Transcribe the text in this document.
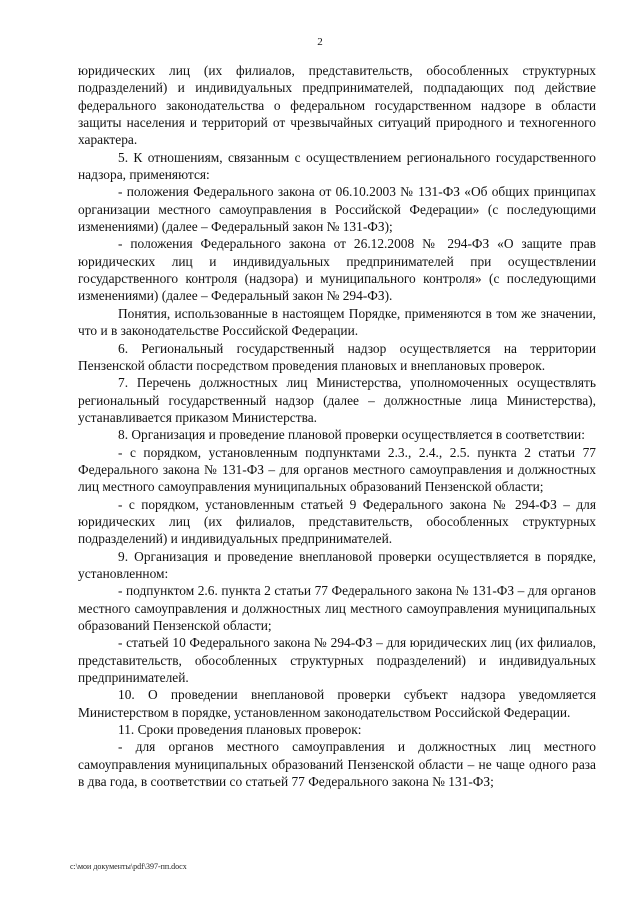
2

юридических лиц (их филиалов, представительств, обособленных структурных подразделений) и индивидуальных предпринимателей, подпадающих под действие федерального законодательства о федеральном государственном надзоре в области защиты населения и территорий от чрезвычайных ситуаций природного и техногенного характера.

5. К отношениям, связанным с осуществлением регионального государственного надзора, применяются:

- положения Федерального закона от 06.10.2003 № 131-ФЗ «Об общих принципах организации местного самоуправления в Российской Федерации» (с последующими изменениями) (далее – Федеральный закон № 131-ФЗ);

- положения Федерального закона от 26.12.2008 № 294-ФЗ «О защите прав юридических лиц и индивидуальных предпринимателей при осуществлении государственного контроля (надзора) и муниципального контроля» (с последующими изменениями) (далее – Федеральный закон № 294-ФЗ).

Понятия, использованные в настоящем Порядке, применяются в том же значении, что и в законодательстве Российской Федерации.

6. Региональный государственный надзор осуществляется на территории Пензенской области посредством проведения плановых и внеплановых проверок.

7. Перечень должностных лиц Министерства, уполномоченных осуществлять региональный государственный надзор (далее – должностные лица Министерства), устанавливается приказом Министерства.

8. Организация и проведение плановой проверки осуществляется в соответствии:

- с порядком, установленным подпунктами 2.3., 2.4., 2.5. пункта 2 статьи 77 Федерального закона № 131-ФЗ – для органов местного самоуправления и должностных лиц местного самоуправления муниципальных образований Пензенской области;

- с порядком, установленным статьей 9 Федерального закона № 294-ФЗ – для юридических лиц (их филиалов, представительств, обособленных структурных подразделений) и индивидуальных предпринимателей.

9. Организация и проведение внеплановой проверки осуществляется в порядке, установленном:

- подпунктом 2.6. пункта 2 статьи 77 Федерального закона № 131-ФЗ – для органов местного самоуправления и должностных лиц местного самоуправления муниципальных образований Пензенской области;

- статьей 10 Федерального закона № 294-ФЗ – для юридических лиц (их филиалов, представительств, обособленных структурных подразделений) и индивидуальных предпринимателей.

10. О проведении внеплановой проверки субъект надзора уведомляется Министерством в порядке, установленном законодательством Российской Федерации.

11. Сроки проведения плановых проверок:

- для органов местного самоуправления и должностных лиц местного самоуправления муниципальных образований Пензенской области – не чаще одного раза в два года, в соответствии со статьей 77 Федерального закона № 131-ФЗ;

c:\мои документы\pdf\397-пп.docx
